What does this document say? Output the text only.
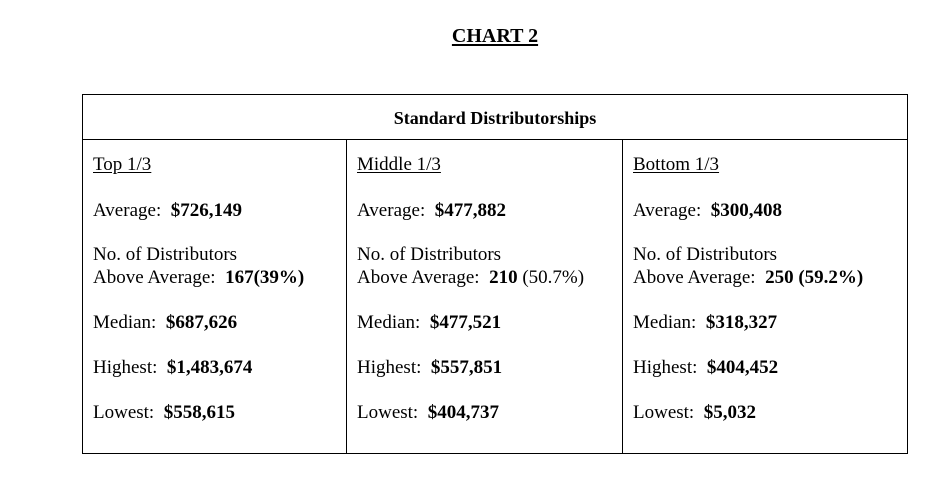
CHART 2
Standard Distributorships
Top 1/3
Average: $726,149
No. of Distributors
Above Average: 167(39%)
Median: $687,626
Highest: $1,483,674
Lowest: $558,615
Middle 1/3
Average: $477,882
No. of Distributors
Above Average: 210 (50.7%)
Median: $477,521
Highest: $557,851
Lowest: $404,737
Bottom 1/3
Average: $300,408
No. of Distributors
Above Average: 250 (59.2%)
Median: $318,327
Highest: $404,452
Lowest: $5,032
